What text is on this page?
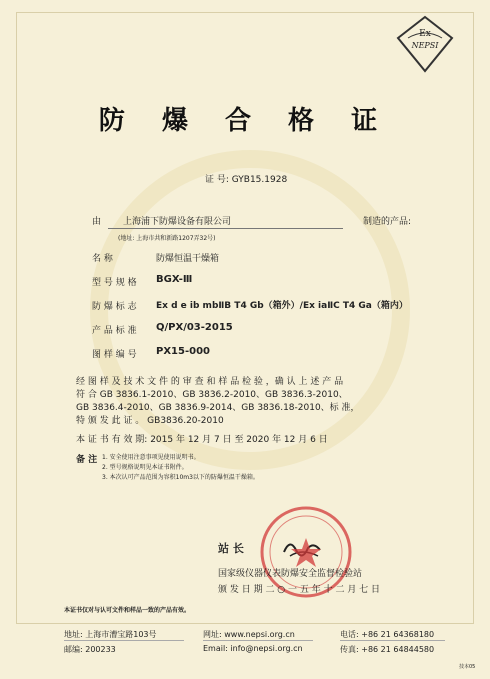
Ex
NEPSI
防 爆 合 格 证
证 号: GYB15.1928
由 上海浦下防爆设备有限公司
(地址: 上海市共和新路1207弄32号)
制造的产品:
名 称	防爆恒温干燥箱
型 号 规 格 BGX-Ⅲ
防 爆 标 志 Ex d e ib mbⅡB T4 Gb（箱外）/Ex iaⅡC T4 Ga（箱内）
产 品 标 准 Q/PX/03-2015
图 样 编 号 PX15-000
经 图 样 及 技 术 文 件 的 审 查 和 样 品 检 验 ，确 认 上 述 产 品
符 合 GB 3836.1-2010、GB 3836.2-2010、GB 3836.3-2010、
GB 3836.4-2010、GB 3836.9-2014、GB 3836.18-2010、标 准，
特 颁 发 此 证 。 GB3836.20-2010
本 证 书 有 效 期: 2015 年 12 月 7 日 至 2020 年 12 月 6 日
备 注 1. 安全使用注意事项见使用说明书。
2. 型号规格说明见本证书附件。
3. 本次认可产品范围为容积10m3以下的防爆恒温干燥箱。
站 长
国家级仪器仪表防爆安全监督检验站
颁 发 日 期 二 ○ 一 五 年 十 二 月 七 日
本证书仅对与认可文件和样品一致的产品有效。
地址: 上海市漕宝路103号
邮编: 200233
网址: www.nepsi.org.cn
Email: info@nepsi.org.cn
电话: +86 21 64368180
传真: +86 21 64844580
技本05
